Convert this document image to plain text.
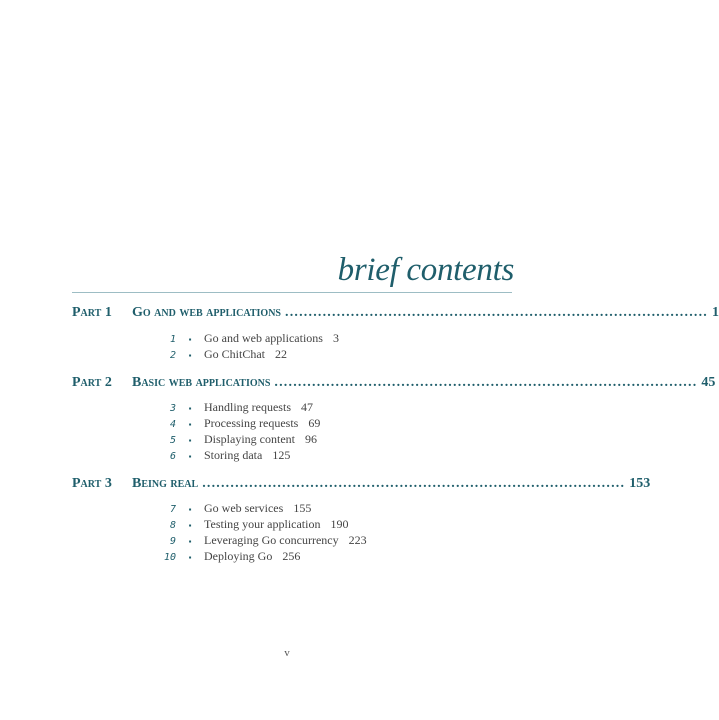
brief contents
Part 1	Go and web applications .......................................................................................... 1
1	▪	Go and web applications 3
2	▪	Go ChitChat 22
Part 2	Basic web applications .......................................................................................... 45
3	▪	Handling requests 47
4	▪	Processing requests 69
5	▪	Displaying content 96
6	▪	Storing data 125
Part 3	Being real .......................................................................................... 153
7	▪	Go web services 155
8	▪	Testing your application 190
9	▪	Leveraging Go concurrency 223
10	▪	Deploying Go 256
v
